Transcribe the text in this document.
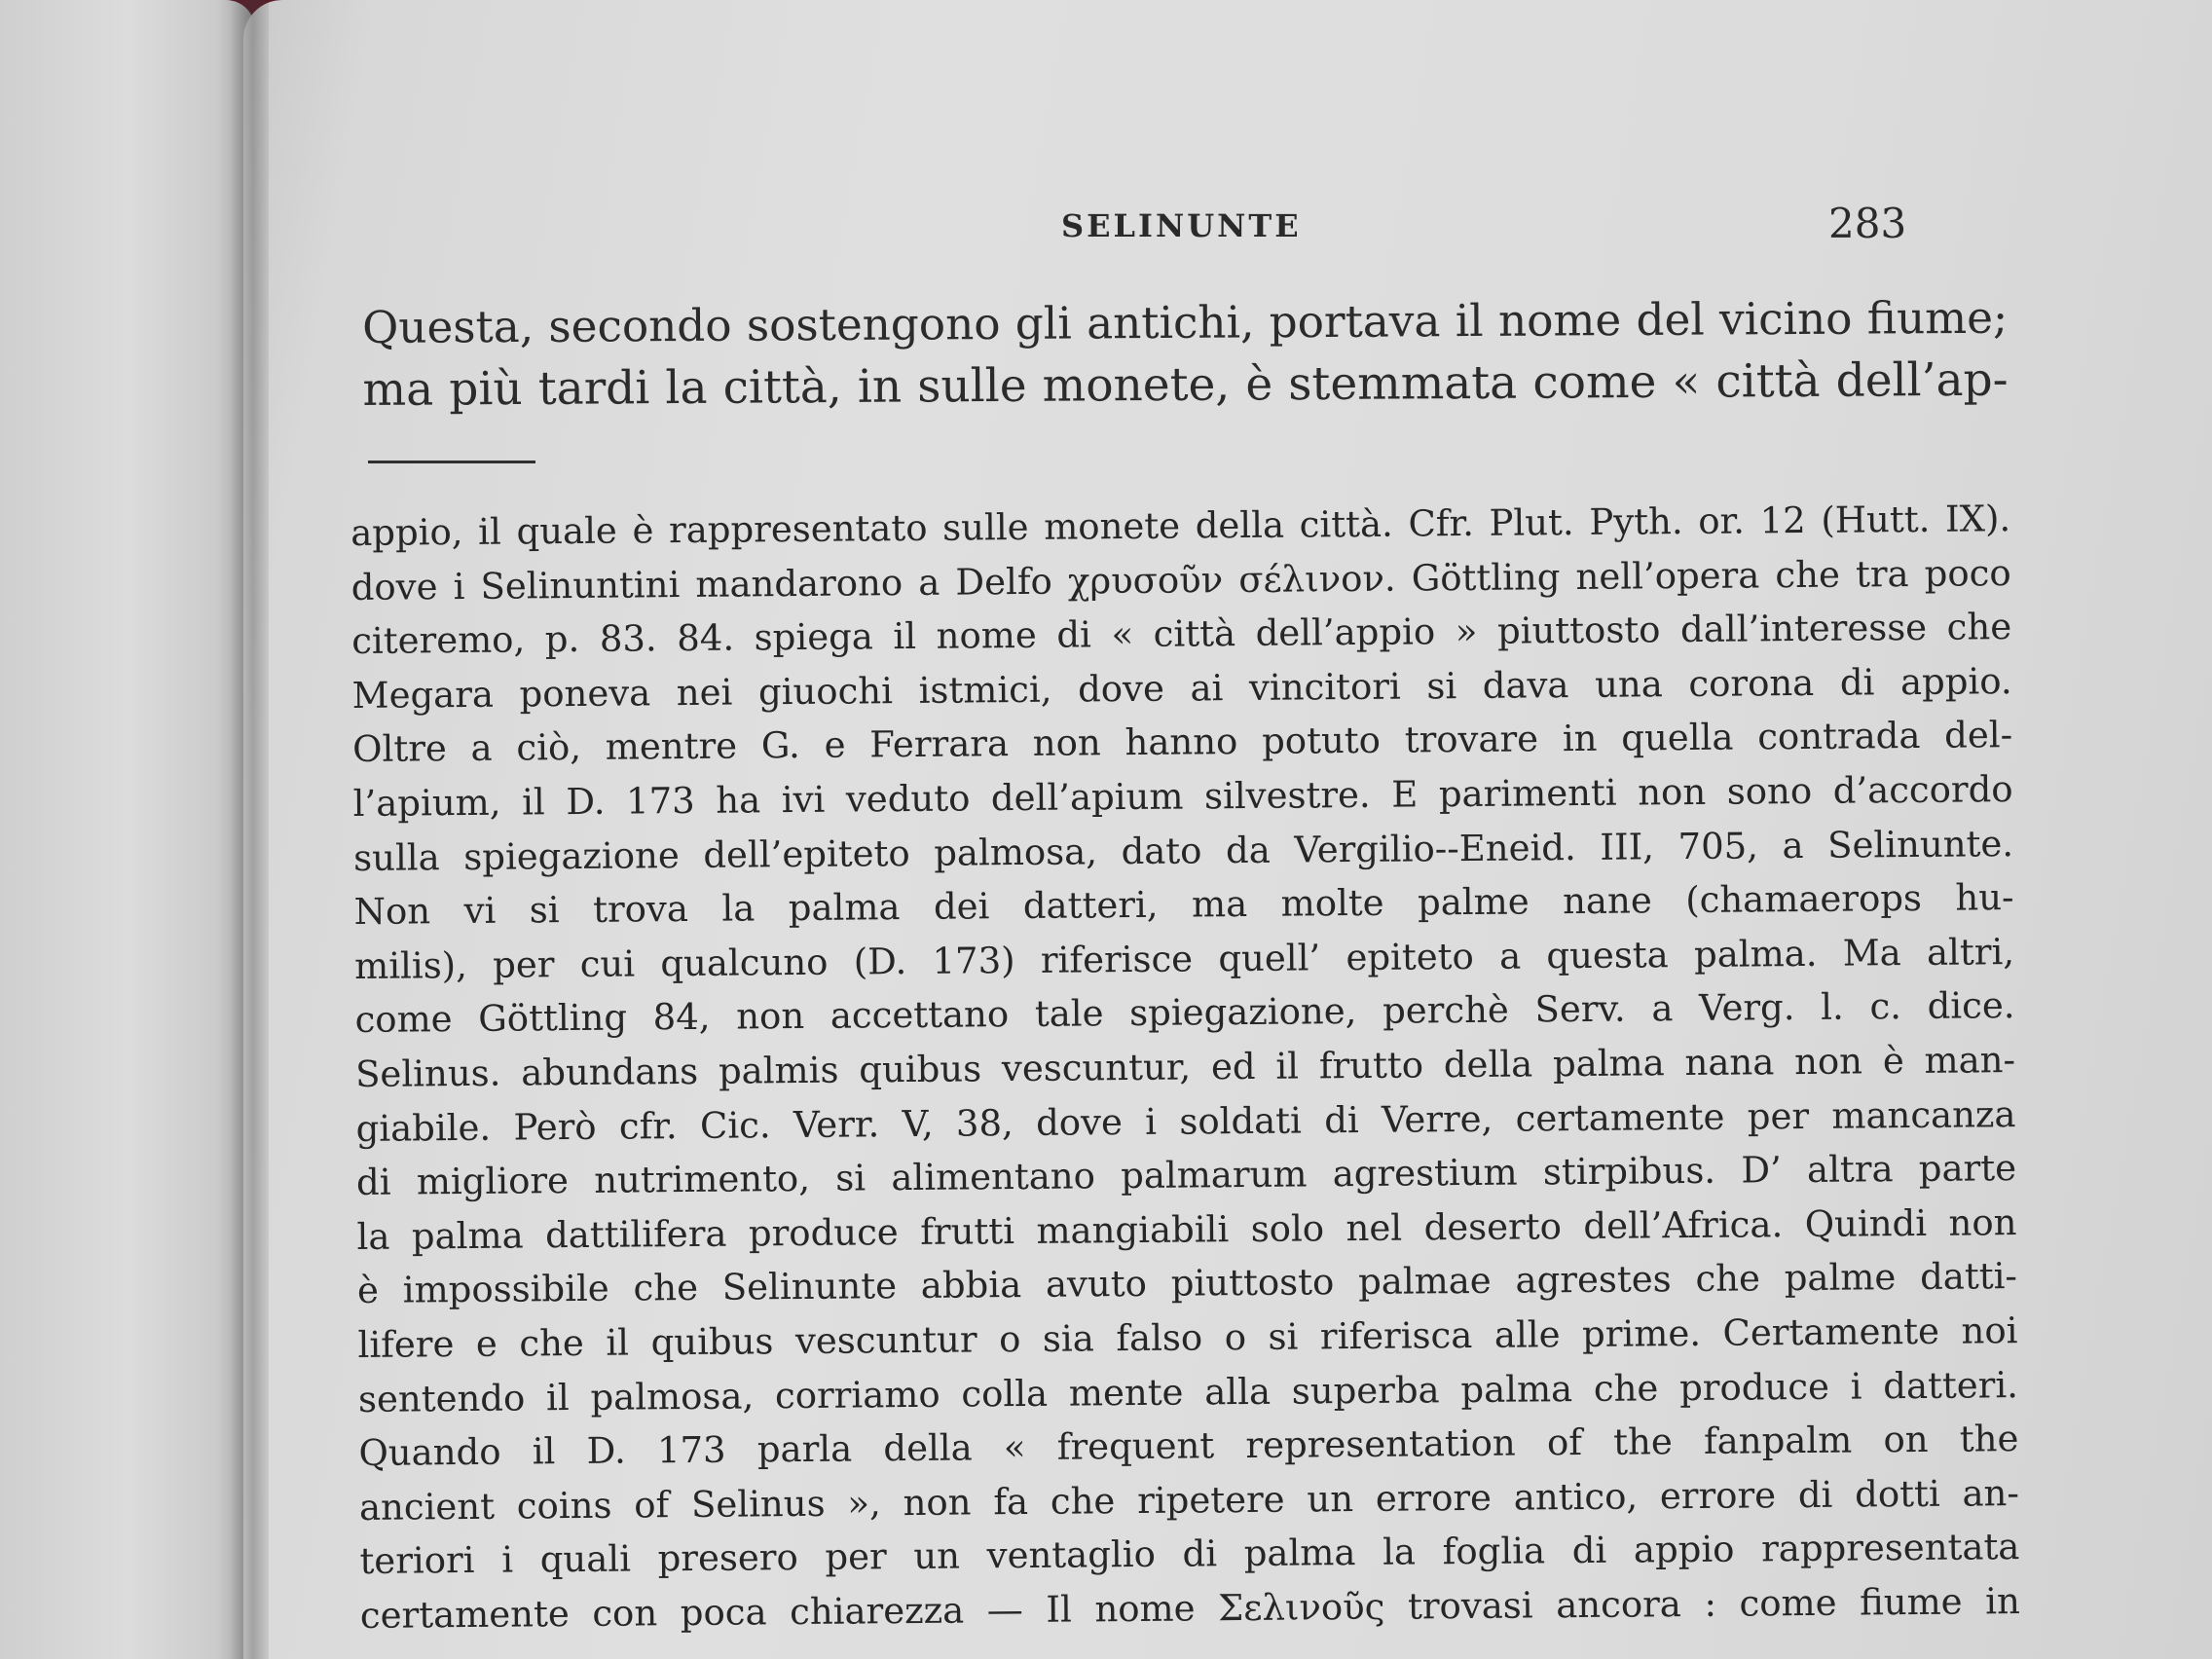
SELINUNTE	283
Questa, secondo sostengono gli antichi, portava il nome del vicino fiume;
ma più tardi la città, in sulle monete, è stemmata come « città dell’ap-
appio, il quale è rappresentato sulle monete della città. Cfr. Plut. Pyth. or. 12 (Hutt. IX).
dove i Selinuntini mandarono a Delfo χρυσοῦν σέλινον. Göttling nell’opera che tra poco
citeremo, p. 83. 84. spiega il nome di « città dell’appio » piuttosto dall’interesse che
Megara poneva nei giuochi istmici, dove ai vincitori si dava una corona di appio.
Oltre a ciò, mentre G. e Ferrara non hanno potuto trovare in quella contrada del-
l’apium, il D. 173 ha ivi veduto dell’apium silvestre. E parimenti non sono d’accordo
sulla spiegazione dell’epiteto palmosa, dato da Vergilio--Eneid. III, 705, a Selinunte.
Non vi si trova la palma dei datteri, ma molte palme nane (chamaerops hu-
milis), per cui qualcuno (D. 173) riferisce quell’ epiteto a questa palma. Ma altri,
come Göttling 84, non accettano tale spiegazione, perchè Serv. a Verg. l. c. dice.
Selinus. abundans palmis quibus vescuntur, ed il frutto della palma nana non è man-
giabile. Però cfr. Cic. Verr. V, 38, dove i soldati di Verre, certamente per mancanza
di migliore nutrimento, si alimentano palmarum agrestium stirpibus. D’ altra parte
la palma dattilifera produce frutti mangiabili solo nel deserto dell’Africa. Quindi non
è impossibile che Selinunte abbia avuto piuttosto palmae agrestes che palme datti-
lifere e che il quibus vescuntur o sia falso o si riferisca alle prime. Certamente noi
sentendo il palmosa, corriamo colla mente alla superba palma che produce i datteri.
Quando il D. 173 parla della « frequent representation of the fanpalm on the
ancient coins of Selinus », non fa che ripetere un errore antico, errore di dotti an-
teriori i quali presero per un ventaglio di palma la foglia di appio rappresentata
certamente con poca chiarezza — Il nome Σελινοῦς trovasi ancora : come fiume in
